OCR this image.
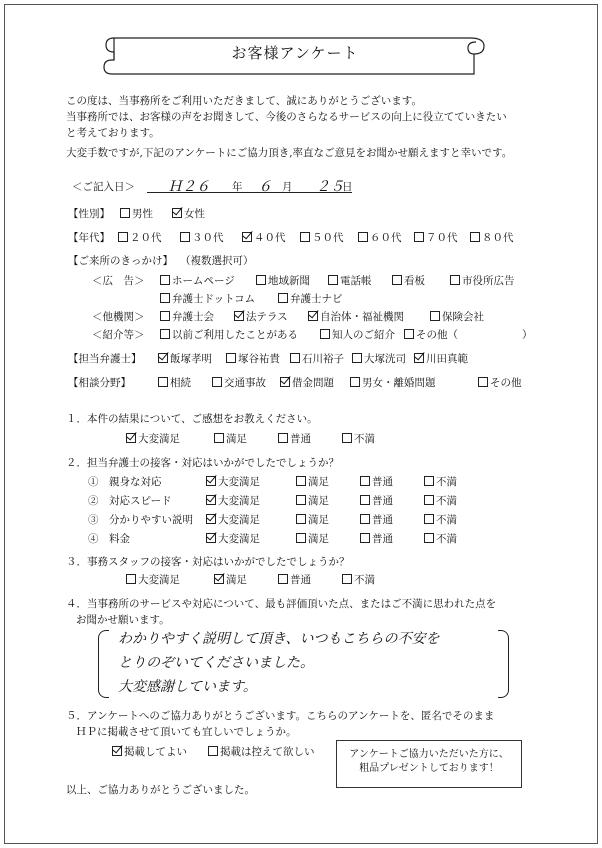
お客様アンケート
この度は、当事務所をご利用いただきまして、誠にありがとうございます。
当事務所では、お客様の声をお聞きして、今後のさらなるサービスの向上に役立てていきたい
と考えております。
大変手数ですが,下記のアンケートにご協力頂き,率直なご意見をお聞かせ願えますと幸いです。
＜ご記入日＞ Ｈ２６ 年 ６ 月 ２５
日
【性別】	男性	女性
【年代】	２０代	３０代	４０代	５０代	６０代	７０代	８０代
【ご来所のきっかけ】 （複数選択可）
＜広　告＞	ホームページ	地域新聞	電話帳	看板	市役所広告
弁護士ドットコム	弁護士ナビ
＜他機関＞	弁護士会	法テラス	自治体・福祉機関	保険会社
＜紹介等＞	以前ご利用したことがある	知人のご紹介	その他（	）
【担当弁護士】	飯塚孝明	塚谷祐貴	石川裕子	大塚洸司	川田真範
【相談分野】	相続	交通事故	借金問題	男女・離婚問題	その他
１．本件の結果について、ご感想をお教えください。
大変満足	満足	普通	不満
２．担当弁護士の接客・対応はいかがでしたでしょうか？
①　親身な対応	大変満足	満足	普通	不満
②　対応スピード	大変満足	満足	普通	不満
③　分かりやすい説明	大変満足	満足	普通	不満
④　料金	大変満足	満足	普通	不満
３．事務スタッフの接客・対応はいかがでしたでしょうか？
大変満足	満足	普通	不満
４．当事務所のサービスや対応について、最も評価頂いた点、またはご不満に思われた点を
お聞かせ願います。
わかりやすく説明して頂き、いつもこちらの不安を
とりのぞいてくださいました。
大変感謝しています。
５．アンケートへのご協力ありがとうございます。こちらのアンケートを、匿名でそのまま
ＨＰに掲載させて頂いても宜しいでしょうか。
掲載してよい	掲載は控えて欲しい	アンケートご協力いただいた方に、
粗品プレゼントしております！
以上、ご協力ありがとうございました。
